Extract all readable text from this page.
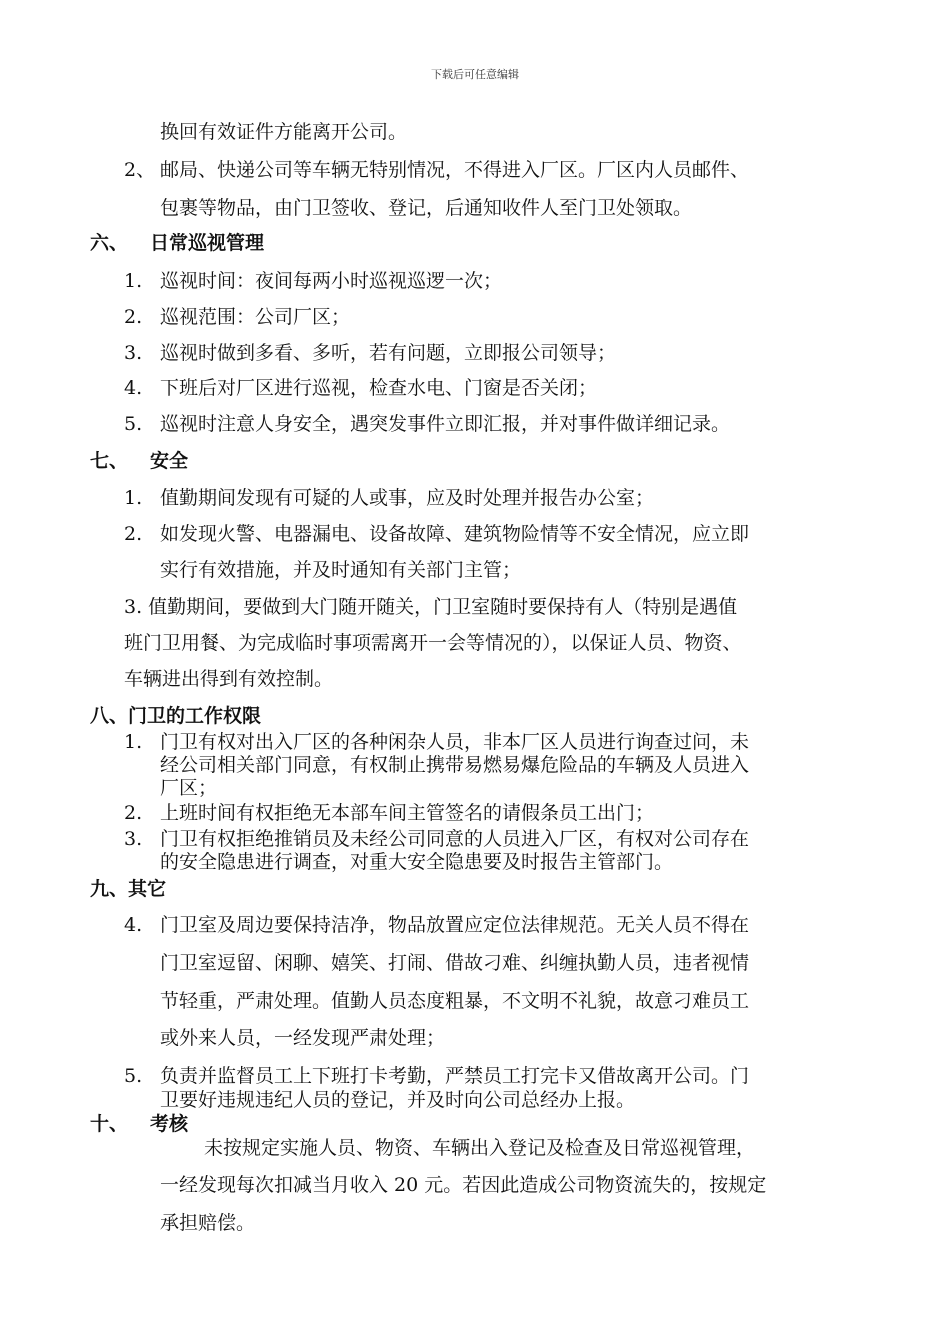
下载后可任意编辑
换回有效证件方能离开公司。
2、 邮局、快递公司等车辆无特别情况，不得进入厂区。厂区内人员邮件、
包裹等物品，由门卫签收、登记，后通知收件人至门卫处领取。
六、 日常巡视管理
1. 巡视时间：夜间每两小时巡视巡逻一次；
2. 巡视范围：公司厂区；
3. 巡视时做到多看、多听，若有问题，立即报公司领导；
4. 下班后对厂区进行巡视，检查水电、门窗是否关闭；
5. 巡视时注意人身安全，遇突发事件立即汇报，并对事件做详细记录。
七、 安全
1. 值勤期间发现有可疑的人或事，应及时处理并报告办公室；
2. 如发现火警、电器漏电、设备故障、建筑物险情等不安全情况，应立即
实行有效措施，并及时通知有关部门主管；
3. 值勤期间，要做到大门随开随关，门卫室随时要保持有人（特别是遇值
班门卫用餐、为完成临时事项需离开一会等情况的），以保证人员、物资、
车辆进出得到有效控制。
八、门卫的工作权限
1. 门卫有权对出入厂区的各种闲杂人员，非本厂区人员进行询查过问，未
经公司相关部门同意，有权制止携带易燃易爆危险品的车辆及人员进入
厂区；
2. 上班时间有权拒绝无本部车间主管签名的请假条员工出门；
3. 门卫有权拒绝推销员及未经公司同意的人员进入厂区，有权对公司存在
的安全隐患进行调查，对重大安全隐患要及时报告主管部门。
九、其它
4. 门卫室及周边要保持洁净，物品放置应定位法律规范。无关人员不得在
门卫室逗留、闲聊、嬉笑、打闹、借故刁难、纠缠执勤人员，违者视情
节轻重，严肃处理。值勤人员态度粗暴，不文明不礼貌，故意刁难员工
或外来人员，一经发现严肃处理；
5. 负责并监督员工上下班打卡考勤，严禁员工打完卡又借故离开公司。门
卫要好违规违纪人员的登记，并及时向公司总经办上报。
十、 考核
未按规定实施人员、物资、车辆出入登记及检查及日常巡视管理，
一经发现每次扣减当月收入 20 元。若因此造成公司物资流失的，按规定
承担赔偿。
